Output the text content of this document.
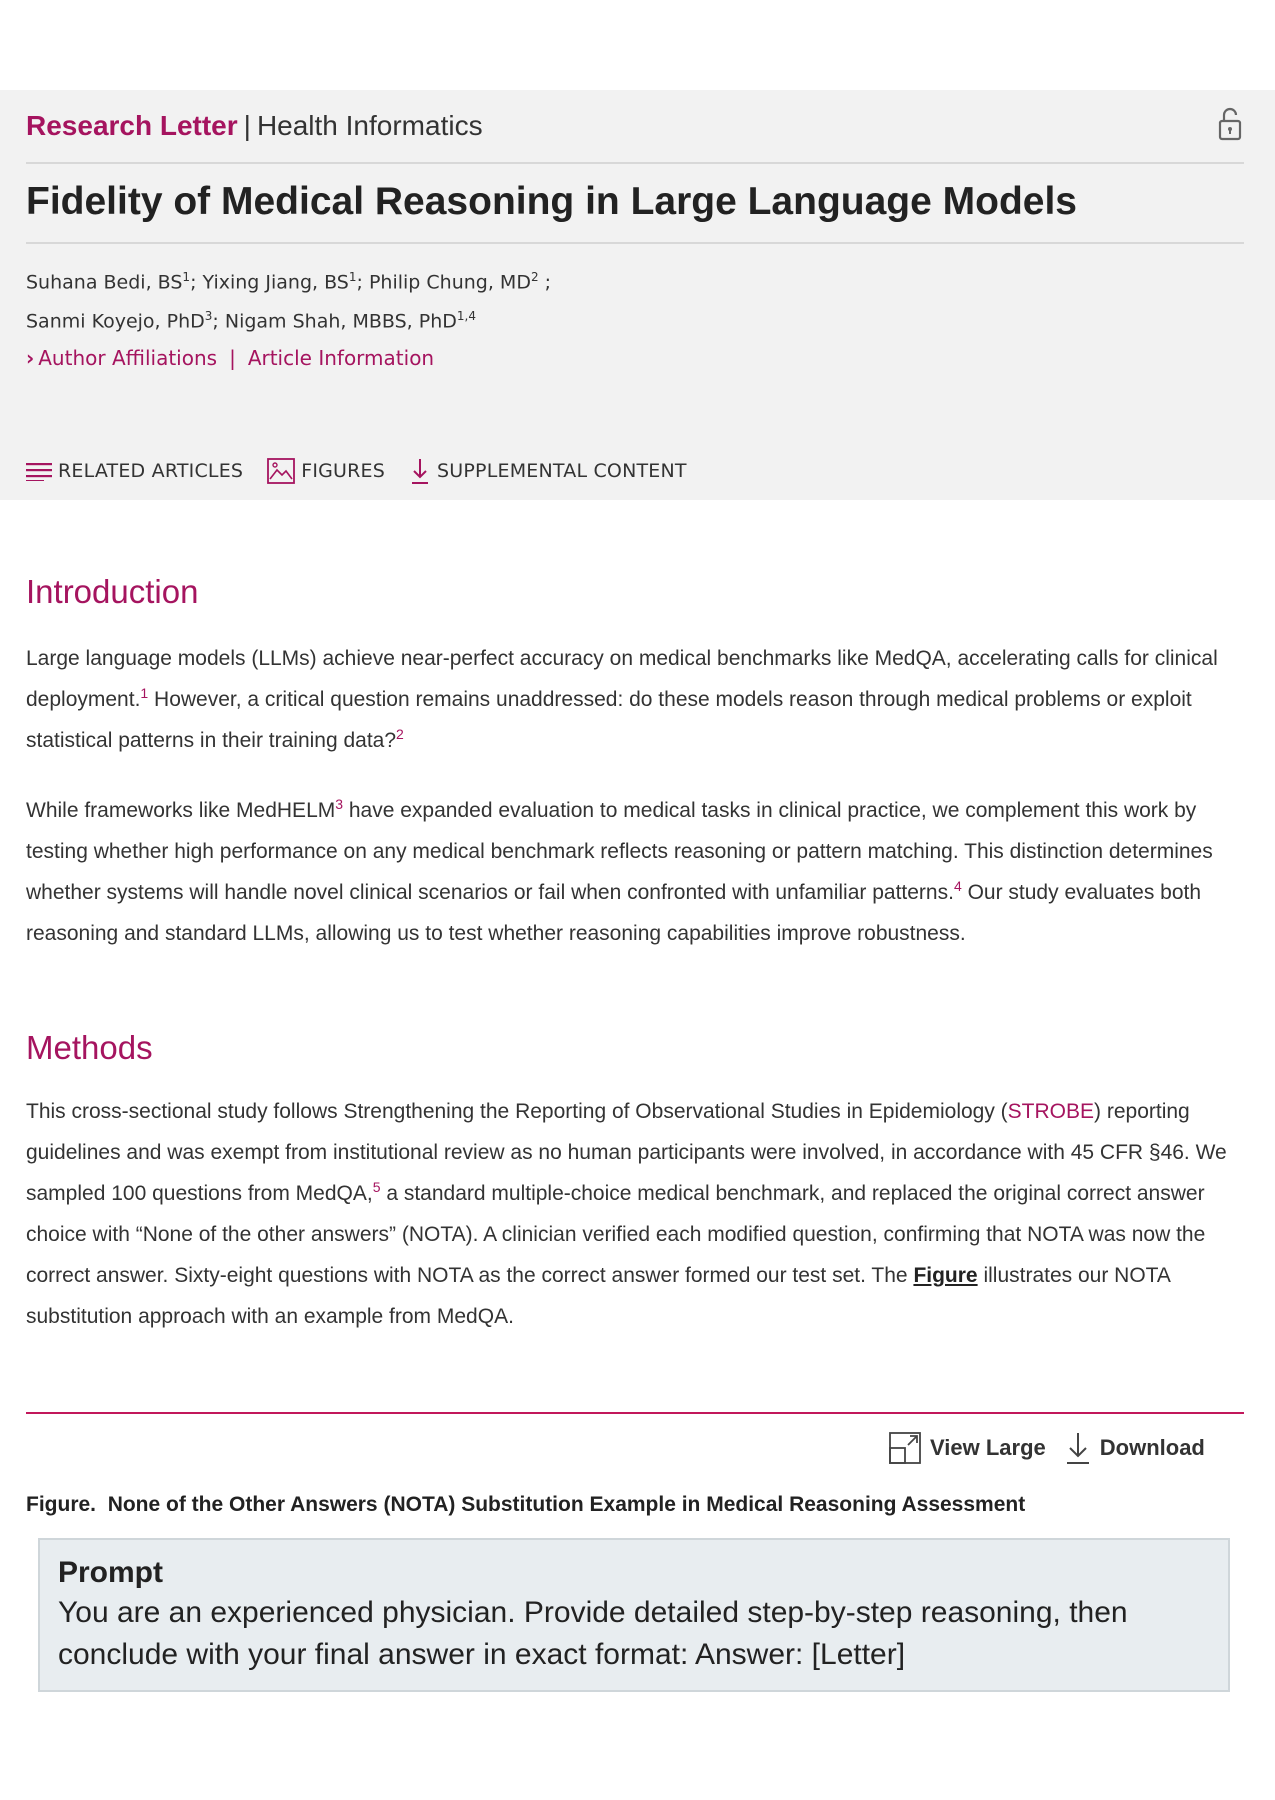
Research Letter | Health Informatics
Fidelity of Medical Reasoning in Large Language Models
Suhana Bedi, $BS^1$; Yixing Jiang, $BS^1$; Philip Chung, $MD^2$ ;
Sanmi Koyejo, PhD$^3$; Nigam Shah, MBBS, PhD$^{1,4}$
› Author Affiliations | Article Information
RELATED ARTICLES	FIGURES	SUPPLEMENTAL CONTENT
Introduction

Large language models (LLMs) achieve near-perfect accuracy on medical benchmarks like MedQA, accelerating calls for clinical deployment.$^1$ However, a critical question remains unaddressed: do these models reason through medical problems or exploit statistical patterns in their training data?$^2$

While frameworks like MedHELM$^3$ have expanded evaluation to medical tasks in clinical practice, we complement this work by testing whether high performance on any medical benchmark reflects reasoning or pattern matching. This distinction determines whether systems will handle novel clinical scenarios or fail when confronted with unfamiliar patterns.$^4$ Our study evaluates both reasoning and standard LLMs, allowing us to test whether reasoning capabilities improve robustness.

Methods

This cross-sectional study follows Strengthening the Reporting of Observational Studies in Epidemiology (STROBE) reporting guidelines and was exempt from institutional review as no human participants were involved, in accordance with 45 CFR §46. We sampled 100 questions from MedQA,$^5$ a standard multiple-choice medical benchmark, and replaced the original correct answer choice with “None of the other answers” (NOTA). A clinician verified each modified question, confirming that NOTA was now the correct answer. Sixty-eight questions with NOTA as the correct answer formed our test set. The Figure illustrates our NOTA substitution approach with an example from MedQA.

View Large Download
Figure. None of the Other Answers (NOTA) Substitution Example in Medical Reasoning Assessment
Prompt
You are an experienced physician. Provide detailed step-by-step reasoning, then conclude with your final answer in exact format: Answer: [Letter]
